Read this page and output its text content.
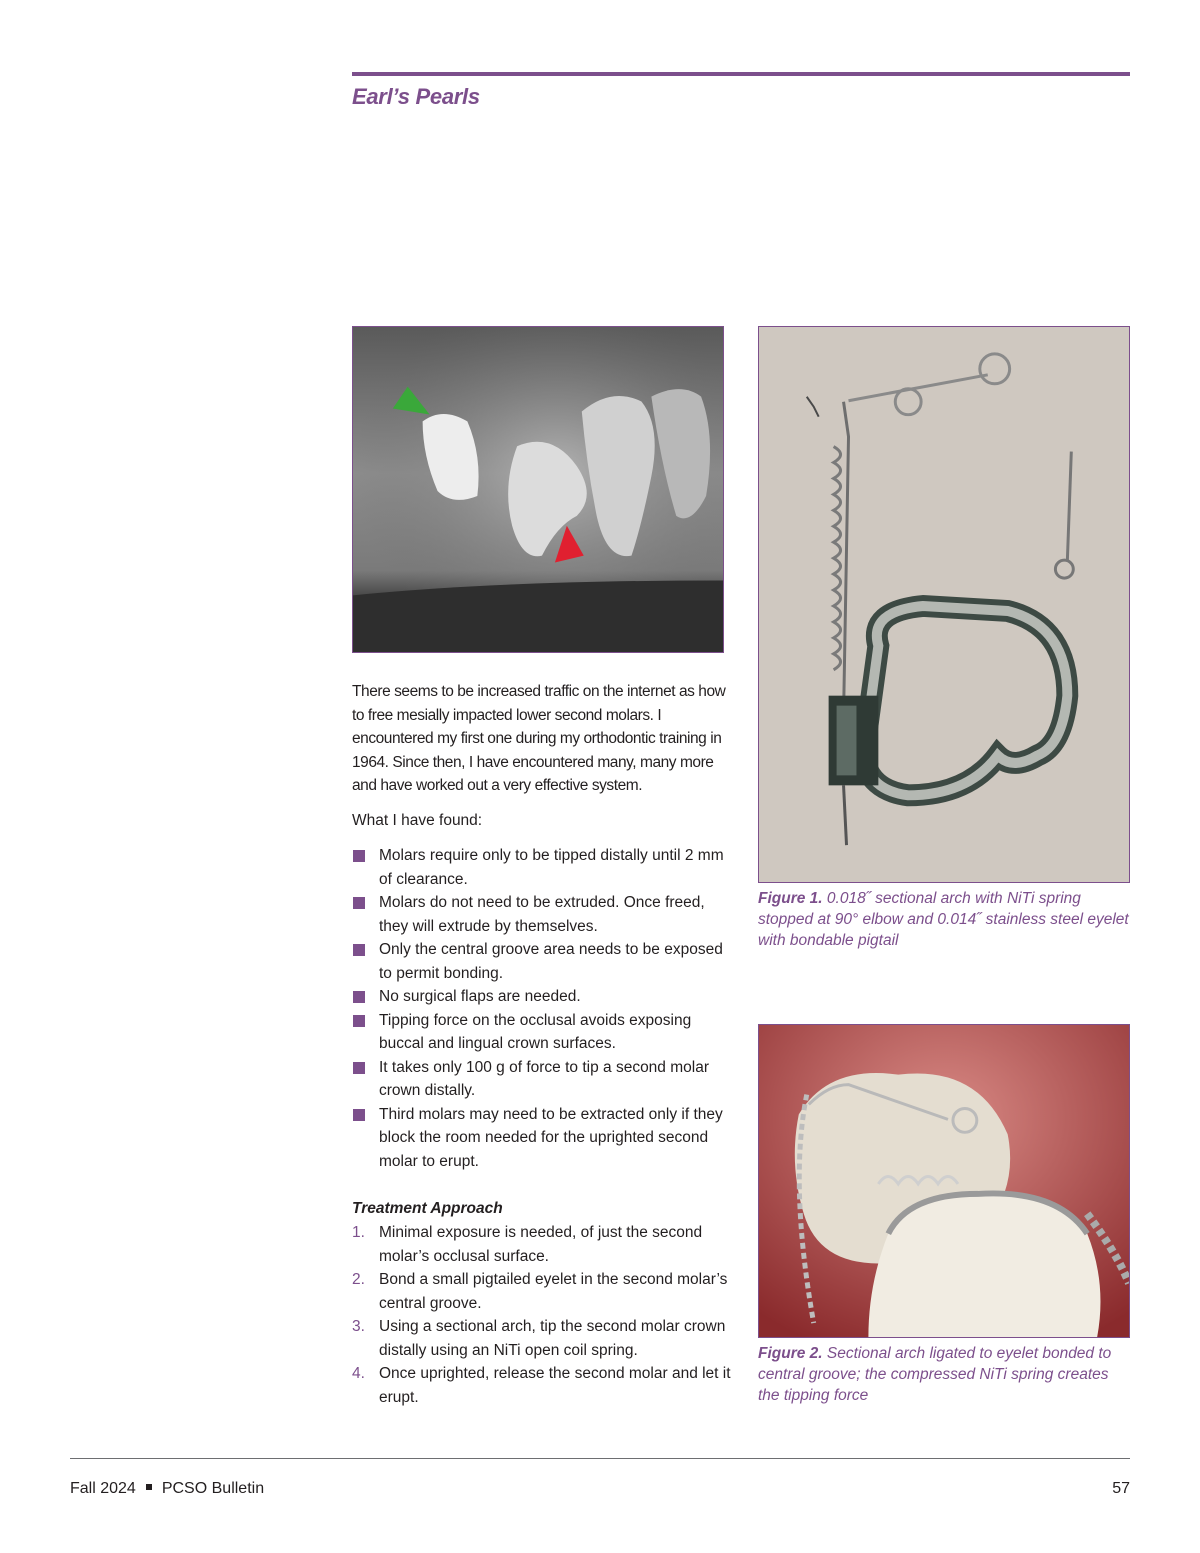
Earl’s Pearls

Figure 1. 0.018˝ sectional arch with NiTi spring stopped at 90° elbow and 0.014˝ stainless steel eyelet with bondable pigtail

Figure 2. Sectional arch ligated to eyelet bonded to central groove; the compressed NiTi spring creates the tipping force

There seems to be increased traffic on the internet as how to free mesially impacted lower second molars. I encountered my first one during my orthodontic training in 1964. Since then, I have encountered many, many more and have worked out a very effective system.

What I have found:

Molars require only to be tipped distally until 2 mm of clearance.
Molars do not need to be extruded. Once freed, they will extrude by themselves.
Only the central groove area needs to be exposed to permit bonding.
No surgical flaps are needed.
Tipping force on the occlusal avoids exposing buccal and lingual crown surfaces.
It takes only 100 g of force to tip a second molar crown distally.
Third molars may need to be extracted only if they block the room needed for the uprighted second molar to erupt.
Treatment Approach
1. Minimal exposure is needed, of just the second molar’s occlusal surface.
2. Bond a small pigtailed eyelet in the second molar’s central groove.
3. Using a sectional arch, tip the second molar crown distally using an NiTi open coil spring.
4. Once uprighted, release the second molar and let it erupt.

Fall 2024 PCSO Bulletin	57
